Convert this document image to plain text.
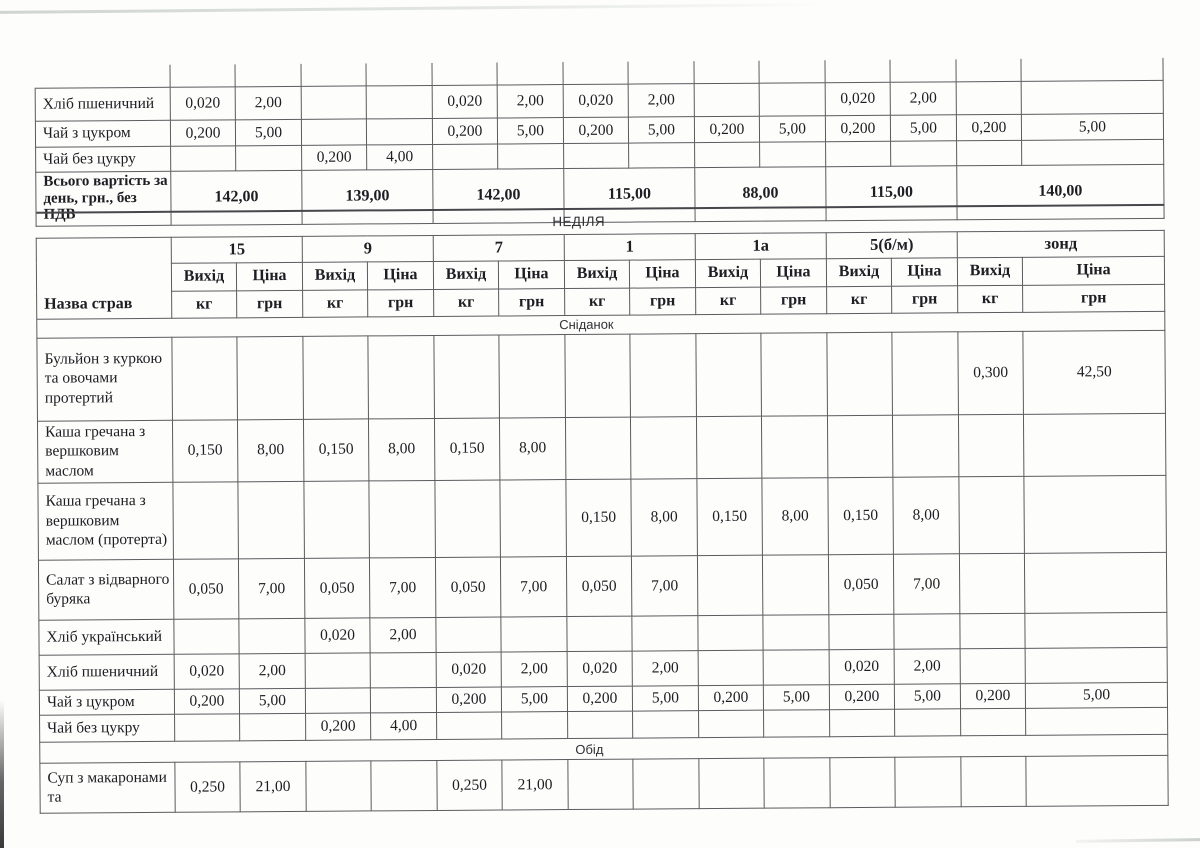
Хліб пшеничний	0,020	2,00			0,020	2,00	0,020	2,00			0,020	2,00		
Чай з цукром	0,200	5,00			0,200	5,00	0,200	5,00	0,200	5,00	0,200	5,00	0,200	5,00
Чай без цукру			0,200	4,00										
Всього вартість за день, грн., без ПДВ	142,00		139,00		142,00		115,00		88,00		115,00		140,00	
НЕДІЛЯ														
Назва страв	15		9		7		1		1а		5(б/м)		зонд	
	Вихід	Ціна	Вихід	Ціна	Вихід	Ціна	Вихід	Ціна	Вихід	Ціна	Вихід	Ціна	Вихід	Ціна
	кг	грн	кг	грн	кг	грн	кг	грн	кг	грн	кг	грн	кг	грн
Сніданок														
Бульйон з куркою та овочами протертий													0,300	42,50
Каша гречана з вершковим маслом	0,150	8,00	0,150	8,00	0,150	8,00								
Каша гречана з вершковим маслом (протерта)							0,150	8,00	0,150	8,00	0,150	8,00		
Салат з відварного буряка	0,050	7,00	0,050	7,00	0,050	7,00	0,050	7,00			0,050	7,00		
Хліб український			0,020	2,00										
Хліб пшеничний	0,020	2,00			0,020	2,00	0,020	2,00			0,020	2,00		
Чай з цукром	0,200	5,00			0,200	5,00	0,200	5,00	0,200	5,00	0,200	5,00	0,200	5,00
Чай без цукру			0,200	4,00										
Обід														
Суп з макаронами та	0,250	21,00			0,250	21,00								
